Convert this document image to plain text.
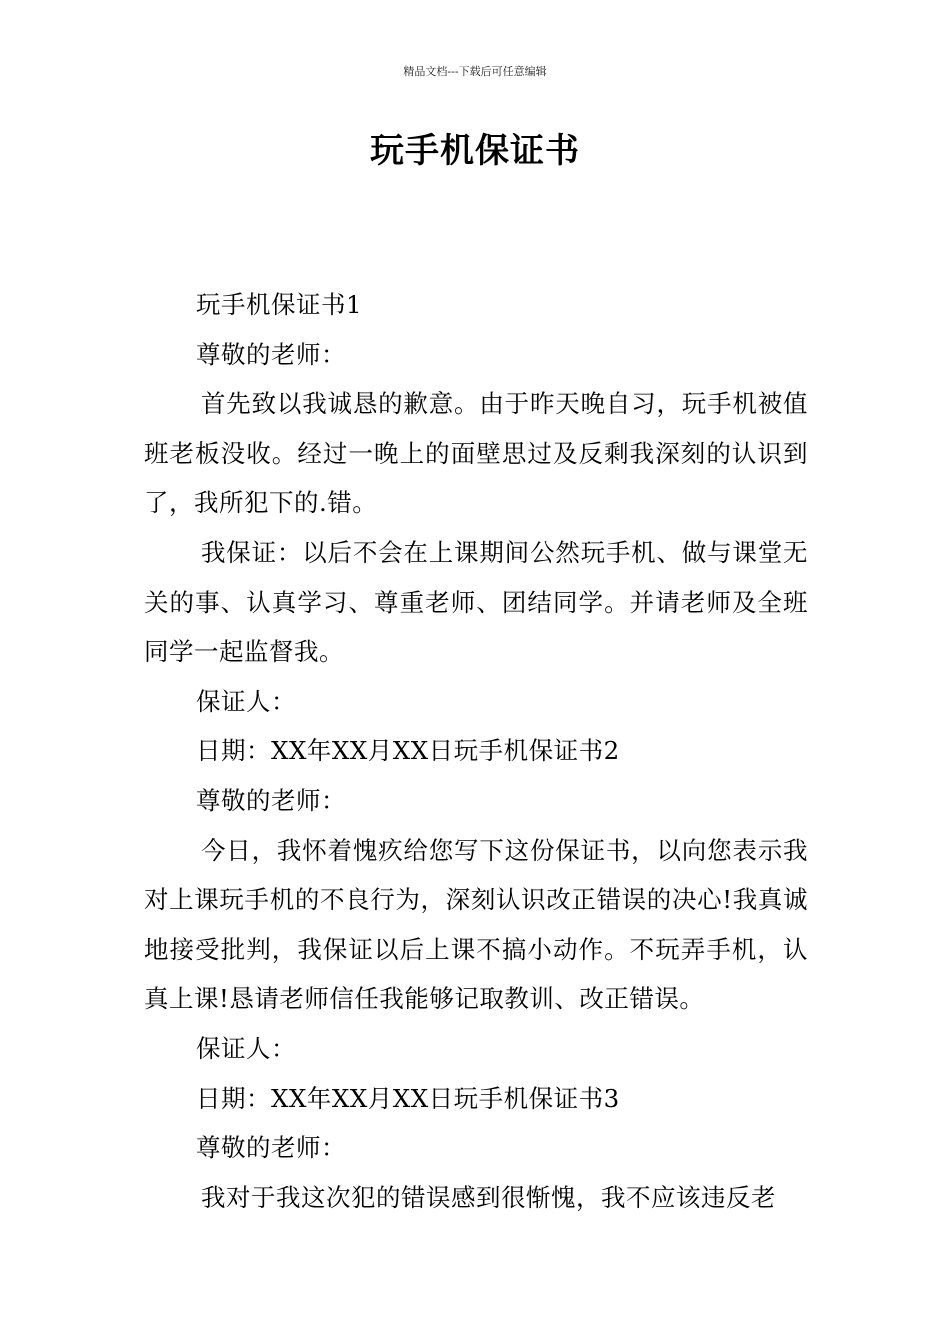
精品文档---下载后可任意编辑
玩手机保证书

玩手机保证书1

尊敬的老师：

首先致以我诚恳的歉意。由于昨天晚自习，玩手机被值班老板没收。经过一晚上的面壁思过及反剩我深刻的认识到了，我所犯下的.错。

我保证：以后不会在上课期间公然玩手机、做与课堂无关的事、认真学习、尊重老师、团结同学。并请老师及全班同学一起监督我。

保证人：

日期：XX年XX月XX日玩手机保证书2

尊敬的老师：

今日，我怀着愧疚给您写下这份保证书，以向您表示我对上课玩手机的不良行为，深刻认识改正错误的决心!我真诚地接受批判，我保证以后上课不搞小动作。不玩弄手机，认真上课!恳请老师信任我能够记取教训、改正错误。

保证人：

日期：XX年XX月XX日玩手机保证书3

尊敬的老师：

我对于我这次犯的错误感到很惭愧，我不应该违反老
